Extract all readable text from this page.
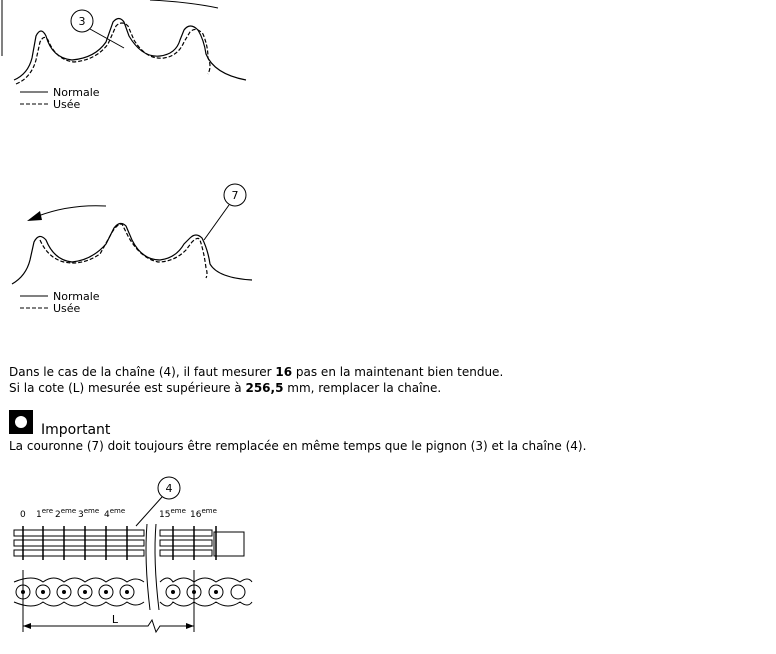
3
Normale
Usée
7
Normale
Usée
Dans le cas de la chaîne (4), il faut mesurer 16 pas en la maintenant bien tendue.
Si la cote (L) mesurée est supérieure à 256,5 mm, remplacer la chaîne.
Important
La couronne (7) doit toujours être remplacée en même temps que le pignon (3) et la chaîne (4).
4
0 1ere 2eme 3eme 4eme	15eme 16eme
L
